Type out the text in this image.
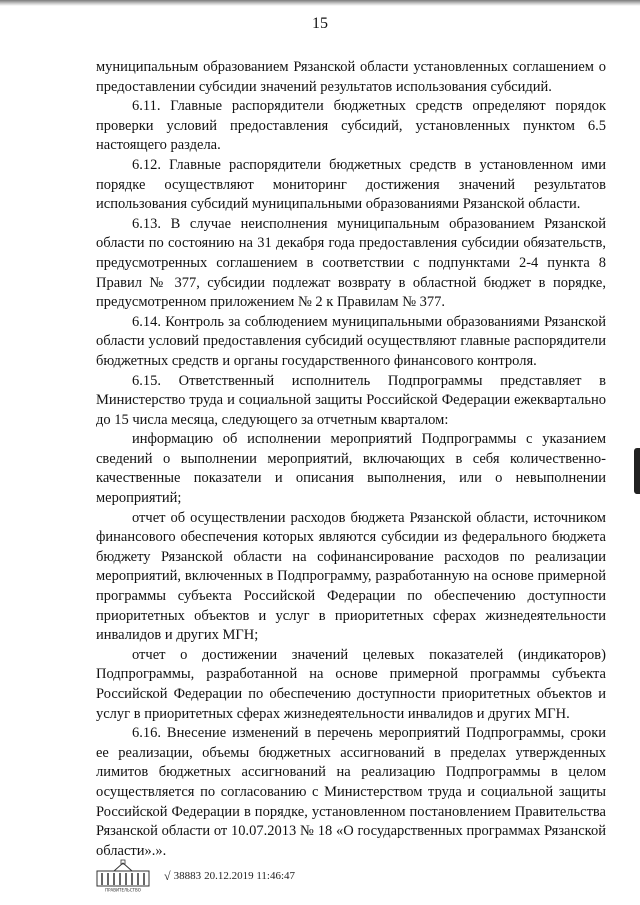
15

муниципальным образованием Рязанской области установленных соглашением о предоставлении субсидии значений результатов использования субсидий.

6.11. Главные распорядители бюджетных средств определяют порядок проверки условий предоставления субсидий, установленных пунктом 6.5 настоящего раздела.

6.12. Главные распорядители бюджетных средств в установленном ими порядке осуществляют мониторинг достижения значений результатов использования субсидий муниципальными образованиями Рязанской области.

6.13. В случае неисполнения муниципальным образованием Рязанской области по состоянию на 31 декабря года предоставления субсидии обязательств, предусмотренных соглашением в соответствии с подпунктами 2-4 пункта 8 Правил № 377, субсидии подлежат возврату в областной бюджет в порядке, предусмотренном приложением № 2 к Правилам № 377.

6.14. Контроль за соблюдением муниципальными образованиями Рязанской области условий предоставления субсидий осуществляют главные распорядители бюджетных средств и органы государственного финансового контроля.

6.15. Ответственный исполнитель Подпрограммы представляет в Министерство труда и социальной защиты Российской Федерации ежеквартально до 15 числа месяца, следующего за отчетным кварталом:

информацию об исполнении мероприятий Подпрограммы с указанием сведений о выполнении мероприятий, включающих в себя количественно-качественные показатели и описания выполнения, или о невыполнении мероприятий;

отчет об осуществлении расходов бюджета Рязанской области, источником финансового обеспечения которых являются субсидии из федерального бюджета бюджету Рязанской области на софинансирование расходов по реализации мероприятий, включенных в Подпрограмму, разработанную на основе примерной программы субъекта Российской Федерации по обеспечению доступности приоритетных объектов и услуг в приоритетных сферах жизнедеятельности инвалидов и других МГН;

отчет о достижении значений целевых показателей (индикаторов) Подпрограммы, разработанной на основе примерной программы субъекта Российской Федерации по обеспечению доступности приоритетных объектов и услуг в приоритетных сферах жизнедеятельности инвалидов и других МГН.

6.16. Внесение изменений в перечень мероприятий Подпрограммы, сроки ее реализации, объемы бюджетных ассигнований в пределах утвержденных лимитов бюджетных ассигнований на реализацию Подпрограммы в целом осуществляется по согласованию с Министерством труда и социальной защиты Российской Федерации в порядке, установленном постановлением Правительства Рязанской области от 10.07.2013 № 18 «О государственных программах Рязанской области».».

ПРАВИТЕЛЬСТВО
√ 38883 20.12.2019 11:46:47
